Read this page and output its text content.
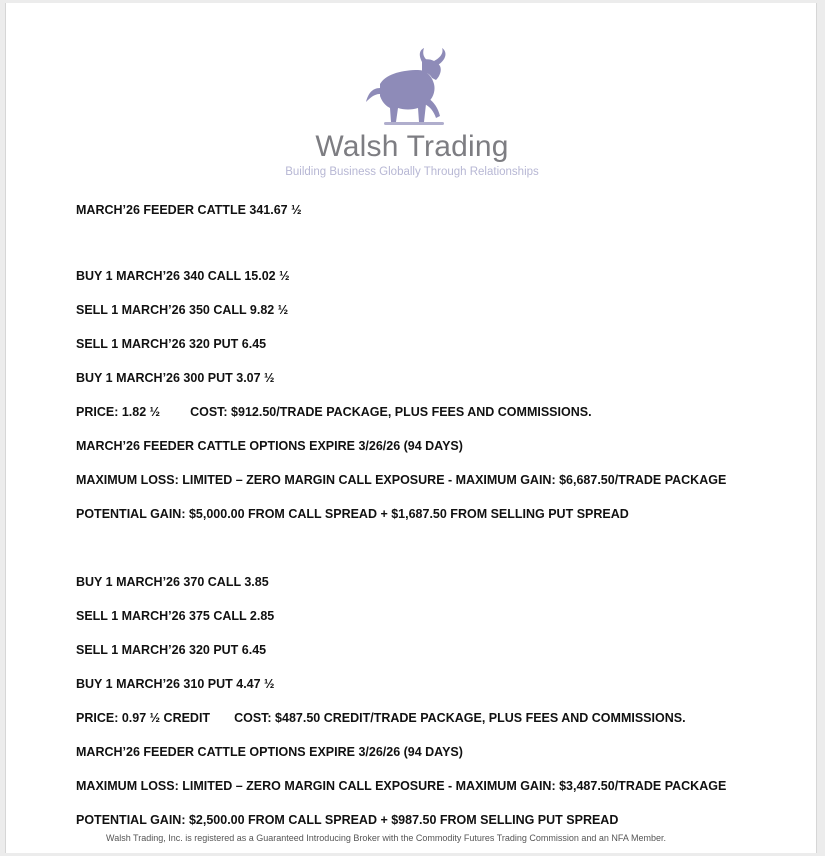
Walsh Trading
Building Business Globally Through Relationships
MARCH’26 FEEDER CATTLE 341.67 ½
BUY 1 MARCH’26 340 CALL 15.02 ½
SELL 1 MARCH’26 350 CALL 9.82 ½
SELL 1 MARCH’26 320 PUT 6.45
BUY 1 MARCH’26 300 PUT 3.07 ½
PRICE: 1.82 ½ COST: $912.50/TRADE PACKAGE, PLUS FEES AND COMMISSIONS.
MARCH’26 FEEDER CATTLE OPTIONS EXPIRE 3/26/26 (94 DAYS)
MAXIMUM LOSS: LIMITED – ZERO MARGIN CALL EXPOSURE - MAXIMUM GAIN: $6,687.50/TRADE PACKAGE
POTENTIAL GAIN: $5,000.00 FROM CALL SPREAD + $1,687.50 FROM SELLING PUT SPREAD
BUY 1 MARCH’26 370 CALL 3.85
SELL 1 MARCH’26 375 CALL 2.85
SELL 1 MARCH’26 320 PUT 6.45
BUY 1 MARCH’26 310 PUT 4.47 ½
PRICE: 0.97 ½ CREDIT COST: $487.50 CREDIT/TRADE PACKAGE, PLUS FEES AND COMMISSIONS.
MARCH’26 FEEDER CATTLE OPTIONS EXPIRE 3/26/26 (94 DAYS)
MAXIMUM LOSS: LIMITED – ZERO MARGIN CALL EXPOSURE - MAXIMUM GAIN: $3,487.50/TRADE PACKAGE
POTENTIAL GAIN: $2,500.00 FROM CALL SPREAD + $987.50 FROM SELLING PUT SPREAD
Walsh Trading, Inc. is registered as a Guaranteed Introducing Broker with the Commodity Futures Trading Commission and an NFA Member.
